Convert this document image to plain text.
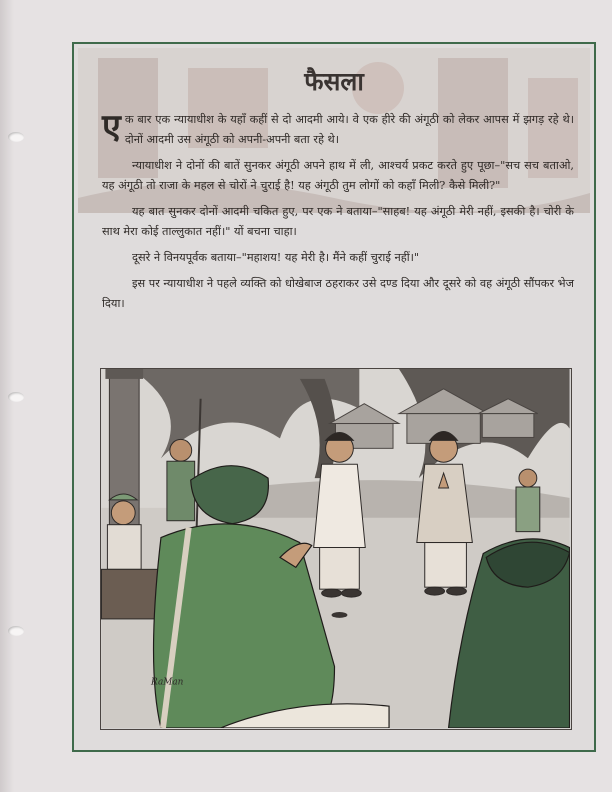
फैसला

एक बार एक न्यायाधीश के यहाँ कहीं से दो आदमी आये। वे एक हीरे की अंगूठी को लेकर आपस में झगड़ रहे थे। दोनों आदमी उस अंगूठी को अपनी-अपनी बता रहे थे।

न्यायाधीश ने दोनों की बातें सुनकर अंगूठी अपने हाथ में ली, आश्चर्य प्रकट करते हुए पूछा–"सच सच बताओ, यह अंगूठी तो राजा के महल से चोरों ने चुराई है! यह अंगूठी तुम लोगों को कहाँ मिली? कैसे मिली?"

यह बात सुनकर दोनों आदमी चकित हुए, पर एक ने बताया–"साहब! यह अंगूठी मेरी नहीं, इसकी है। चोरी के साथ मेरा कोई ताल्लुकात नहीं।" यों बचना चाहा।

दूसरे ने विनयपूर्वक बताया–"महाशय! यह मेरी है। मैंने कहीं चुराई नहीं।"

इस पर न्यायाधीश ने पहले व्यक्ति को धोखेबाज ठहराकर उसे दण्ड दिया और दूसरे को वह अंगूठी सौंपकर भेज दिया।

RaMan
